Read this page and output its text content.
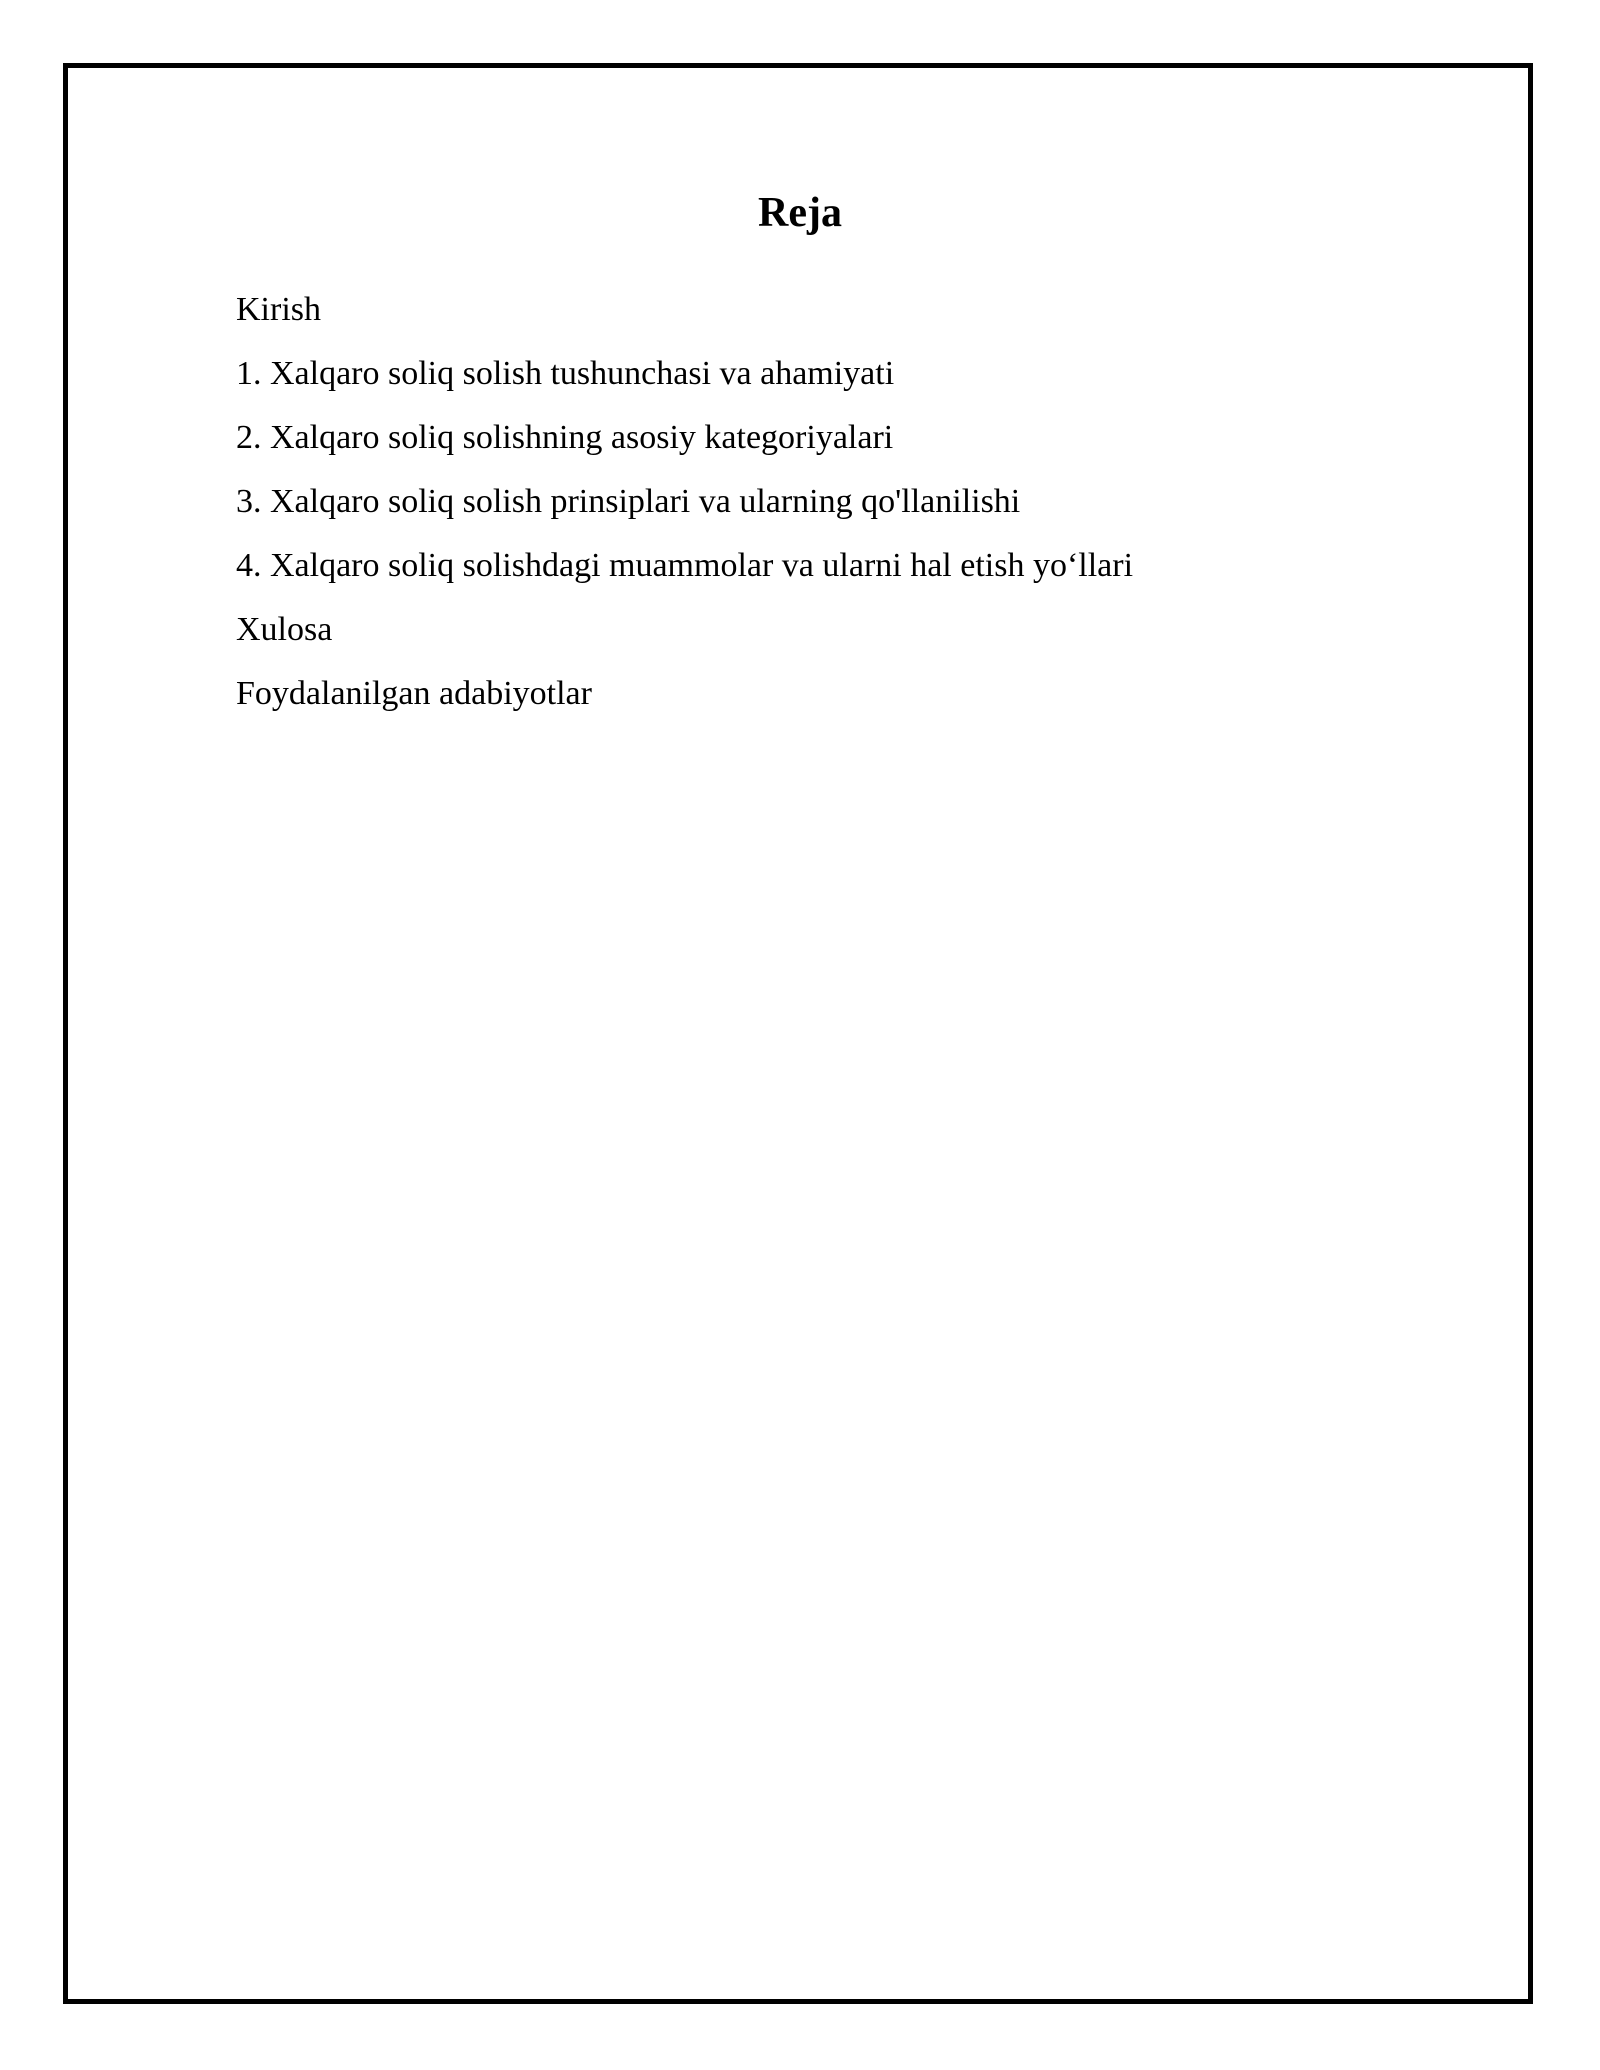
Reja
Kirish
1. Xalqaro soliq solish tushunchasi va ahamiyati
2. Xalqaro soliq solishning asosiy kategoriyalari
3. Xalqaro soliq solish prinsiplari va ularning qo'llanilishi
4. Xalqaro soliq solishdagi muammolar va ularni hal etish yo‘llari
Xulosa
Foydalanilgan adabiyotlar
